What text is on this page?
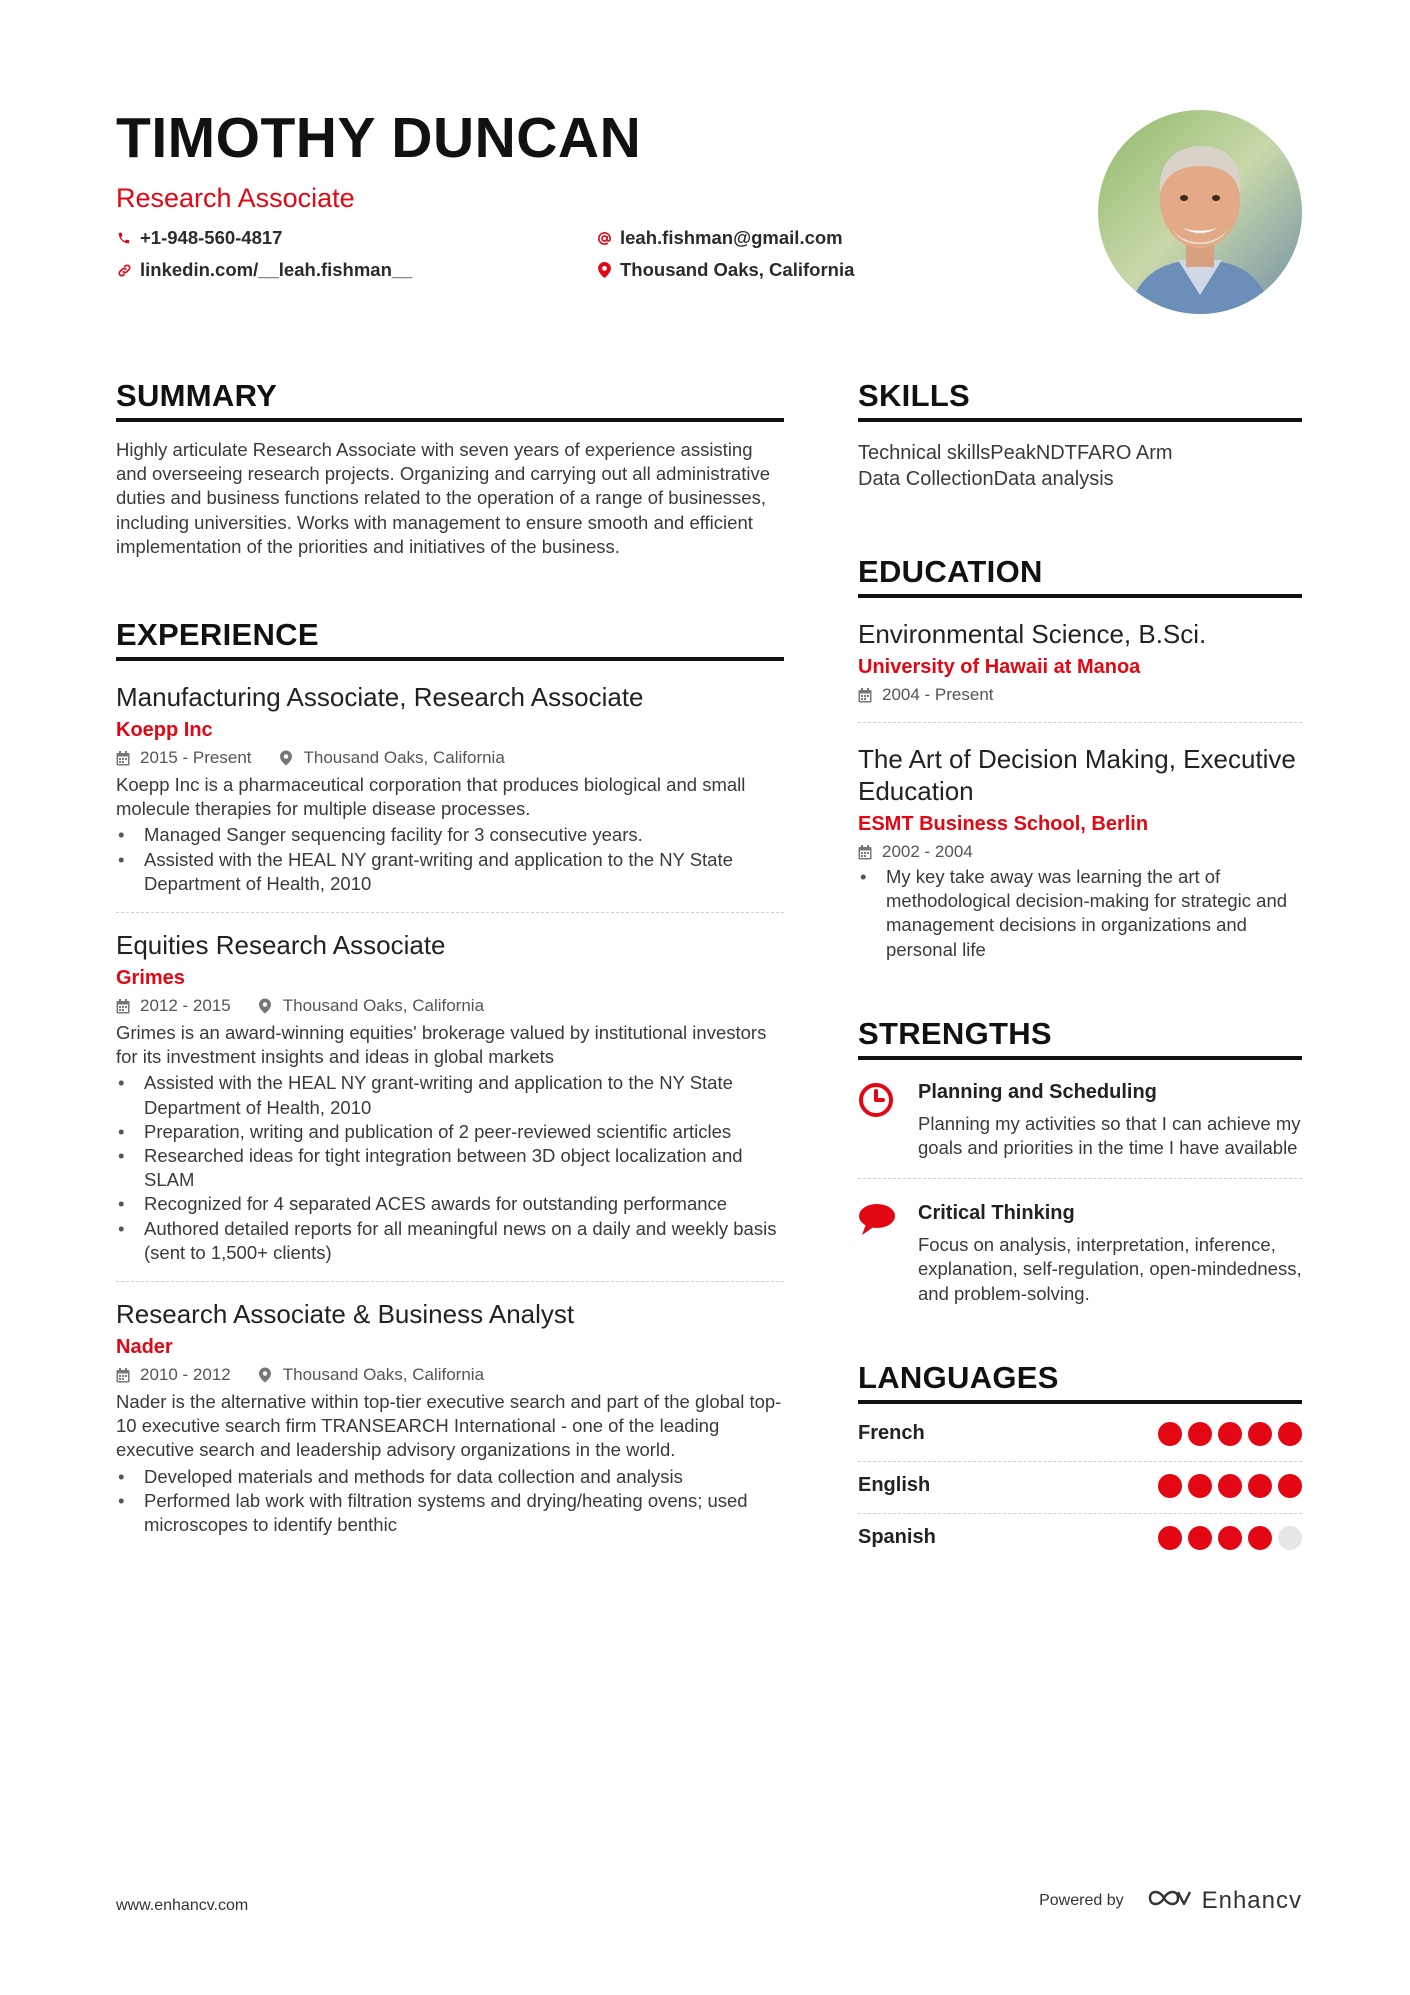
TIMOTHY DUNCAN
Research Associate
+1-948-560-4817	leah.fishman@gmail.com
linkedin.com/__leah.fishman__	Thousand Oaks, California
SUMMARY
Highly articulate Research Associate with seven years of experience assisting and overseeing research projects. Organizing and carrying out all administrative duties and business functions related to the operation of a range of businesses, including universities. Works with management to ensure smooth and efficient implementation of the priorities and initiatives of the business.
EXPERIENCE
Manufacturing Associate, Research Associate
Koepp Inc
2015 - Present	Thousand Oaks, California
Koepp Inc is a pharmaceutical corporation that produces biological and small molecule therapies for multiple disease processes.
• Managed Sanger sequencing facility for 3 consecutive years.
• Assisted with the HEAL NY grant-writing and application to the NY State Department of Health, 2010
Equities Research Associate
Grimes
2012 - 2015	Thousand Oaks, California
Grimes is an award-winning equities' brokerage valued by institutional investors for its investment insights and ideas in global markets
• Assisted with the HEAL NY grant-writing and application to the NY State Department of Health, 2010
• Preparation, writing and publication of 2 peer-reviewed scientific articles
• Researched ideas for tight integration between 3D object localization and SLAM
• Recognized for 4 separated ACES awards for outstanding performance
• Authored detailed reports for all meaningful news on a daily and weekly basis (sent to 1,500+ clients)
Research Associate & Business Analyst
Nader
2010 - 2012	Thousand Oaks, California
Nader is the alternative within top-tier executive search and part of the global top-10 executive search firm TRANSEARCH International - one of the leading executive search and leadership advisory organizations in the world.
• Developed materials and methods for data collection and analysis
• Performed lab work with filtration systems and drying/heating ovens; used microscopes to identify benthic
SKILLS
Technical skillsPeakNDTFARO Arm
Data CollectionData analysis
EDUCATION
Environmental Science, B.Sci.
University of Hawaii at Manoa
2004 - Present
The Art of Decision Making, Executive Education
ESMT Business School, Berlin
2002 - 2004
• My key take away was learning the art of methodological decision-making for strategic and management decisions in organizations and personal life
STRENGTHS
Planning and Scheduling
Planning my activities so that I can achieve my goals and priorities in the time I have available
Critical Thinking
Focus on analysis, interpretation, inference, explanation, self-regulation, open-mindedness, and problem-solving.
LANGUAGES
French
English
Spanish
www.enhancv.com	Powered by	Enhancv
